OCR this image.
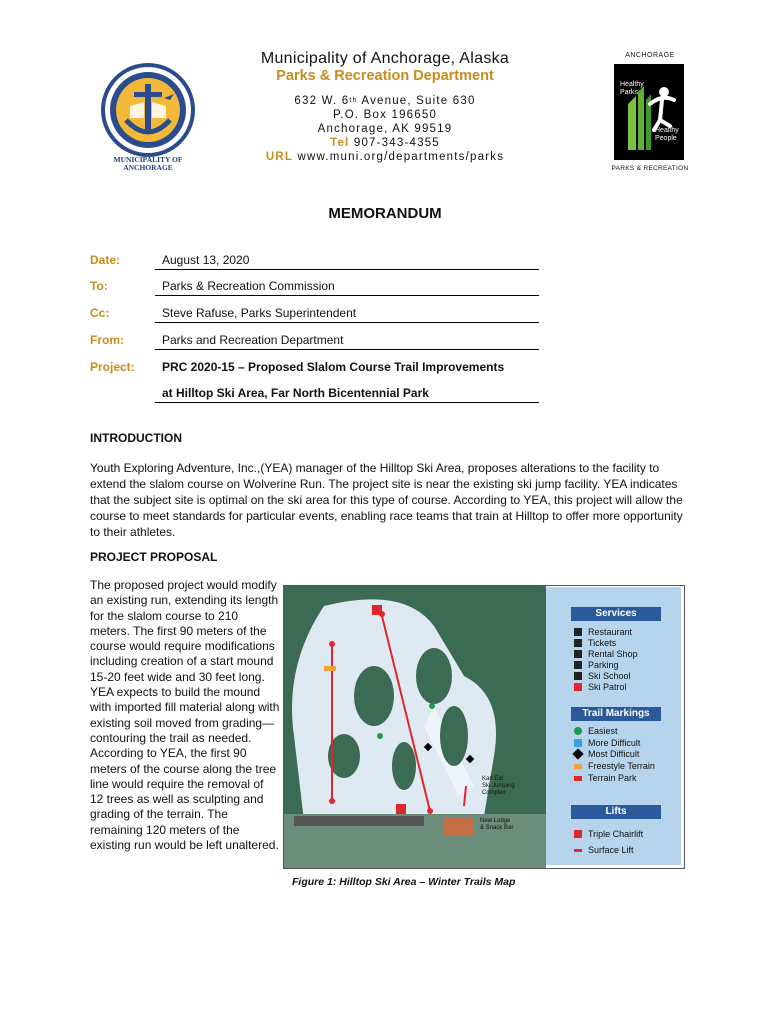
MUNICIPALITY OF
ANCHORAGE
Municipality of Anchorage, Alaska
Parks & Recreation Department
632 W. 6th Avenue, Suite 630
P.O. Box 196650
Anchorage, AK 99519
Tel 907-343-4355
URL www.muni.org/departments/parks
ANCHORAGE
Healthy
Parks
Healthy
People
PARKS & RECREATION
MEMORANDUM
Date:	August 13, 2020
To:	Parks & Recreation Commission
Cc:	Steve Rafuse, Parks Superintendent
From:	Parks and Recreation Department
Project: PRC 2020-15 – Proposed Slalom Course Trail Improvements
at Hilltop Ski Area, Far North Bicentennial Park
INTRODUCTION
Youth Exploring Adventure, Inc.,(YEA) manager of the Hilltop Ski Area, proposes alterations to the facility to extend the slalom course on Wolverine Run. The project site is near the existing ski jump facility. YEA indicates that the subject site is optimal on the ski area for this type of course. According to YEA, this project will allow the course to meet standards for particular events, enabling race teams that train at Hilltop to offer more opportunity to their athletes.
PROJECT PROPOSAL
The proposed project would modify an existing run, extending its length for the slalom course to 210 meters. The first 90 meters of the course would require modifications including creation of a start mound 15-20 feet wide and 30 feet long. YEA expects to build the mound with imported fill material along with existing soil moved from grading—contouring the trail as needed. According to YEA, the first 90 meters of the course along the tree line would require the removal of 12 trees as well as sculpting and grading of the terrain. The remaining 120 meters of the existing run would be left unaltered.
Karl Eid
Ski Jumping
Complex
New Lodge
& Snack Bar
Services
Restaurant
Tickets
Rental Shop
Parking
Ski School
Ski Patrol
Trail Markings
Easiest
More Difficult
Most Difficult
Freestyle Terrain
Terrain Park
Lifts
Triple Chairlift
Surface Lift
Figure 1: Hilltop Ski Area – Winter Trails Map
